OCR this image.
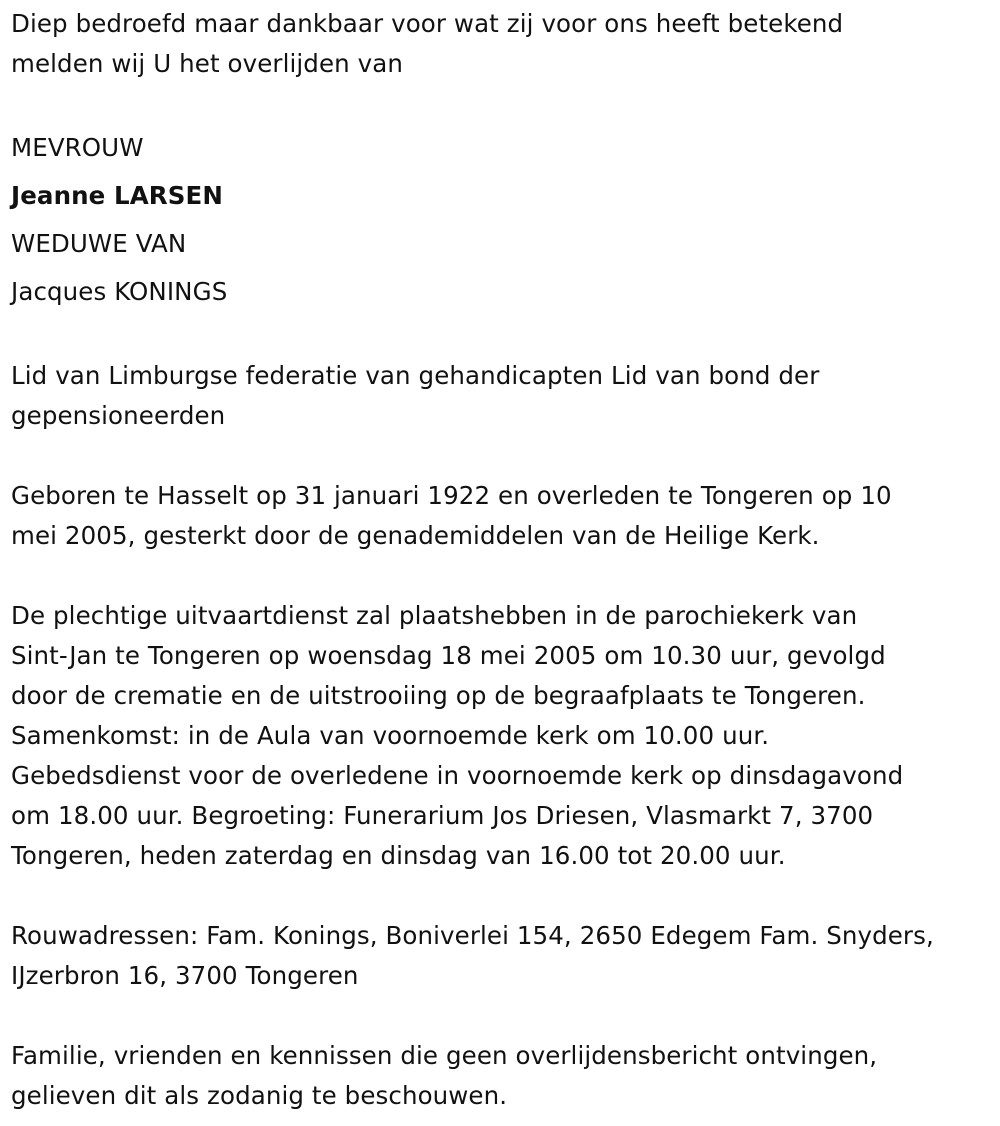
Diep bedroefd maar dankbaar voor wat zij voor ons heeft betekend
melden wij U het overlijden van
MEVROUW
Jeanne LARSEN
WEDUWE VAN
Jacques KONINGS
Lid van Limburgse federatie van gehandicapten Lid van bond der
gepensioneerden
Geboren te Hasselt op 31 januari 1922 en overleden te Tongeren op 10
mei 2005, gesterkt door de genademiddelen van de Heilige Kerk.
De plechtige uitvaartdienst zal plaatshebben in de parochiekerk van
Sint-Jan te Tongeren op woensdag 18 mei 2005 om 10.30 uur, gevolgd
door de crematie en de uitstrooiing op de begraafplaats te Tongeren.
Samenkomst: in de Aula van voornoemde kerk om 10.00 uur.
Gebedsdienst voor de overledene in voornoemde kerk op dinsdagavond
om 18.00 uur. Begroeting: Funerarium Jos Driesen, Vlasmarkt 7, 3700
Tongeren, heden zaterdag en dinsdag van 16.00 tot 20.00 uur.
Rouwadressen: Fam. Konings, Boniverlei 154, 2650 Edegem Fam. Snyders,
IJzerbron 16, 3700 Tongeren
Familie, vrienden en kennissen die geen overlijdensbericht ontvingen,
gelieven dit als zodanig te beschouwen.
